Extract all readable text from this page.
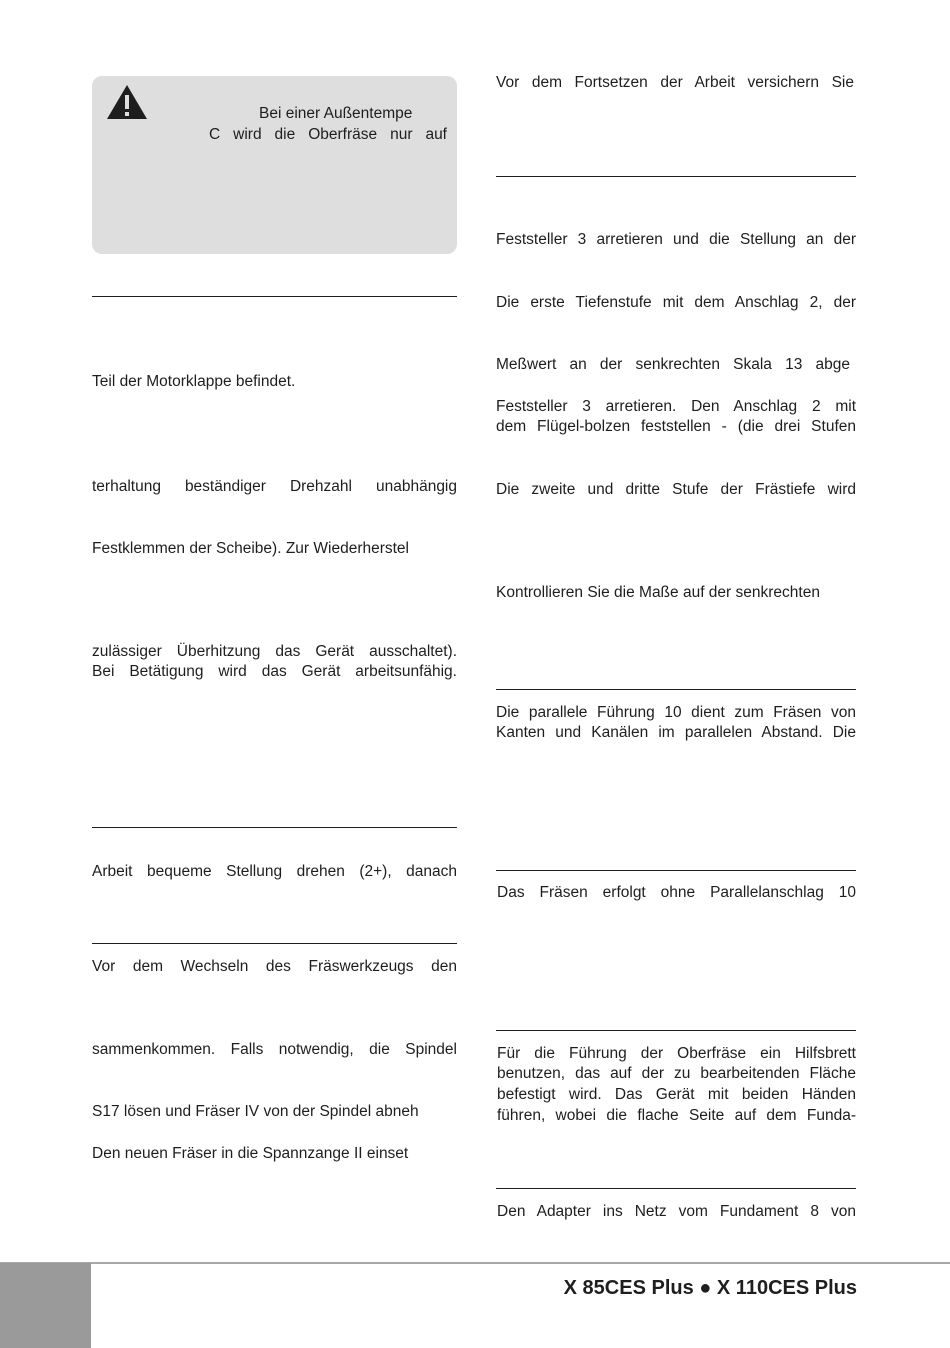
Bei einer Außentempe
C wird die Oberfräse nur auf
Teil der Motorklappe befindet.
terhaltung beständiger Drehzahl unabhängig
Festklemmen der Scheibe). Zur Wiederherstel
zulässiger Überhitzung das Gerät ausschaltet).
Bei Betätigung wird das Gerät arbeitsunfähig.
Arbeit bequeme Stellung drehen (2+), danach
Vor dem Wechseln des Fräswerkzeugs den
sammenkommen. Falls notwendig, die Spindel
S17 lösen und Fräser IV von der Spindel abneh
Den neuen Fräser in die Spannzange II einset
Vor dem Fortsetzen der Arbeit versichern Sie
Feststeller 3 arretieren und die Stellung an der
Die erste Tiefenstufe mit dem Anschlag 2, der
Meßwert an der senkrechten Skala 13 abge
Feststeller 3 arretieren. Den Anschlag 2 mit
dem Flügel-bolzen feststellen - (die drei Stufen
Die zweite und dritte Stufe der Frästiefe wird
Kontrollieren Sie die Maße auf der senkrechten
Die parallele Führung 10 dient zum Fräsen von
Kanten und Kanälen im parallelen Abstand. Die
Das Fräsen erfolgt ohne Parallelanschlag 10
Für die Führung der Oberfräse ein Hilfsbrett
benutzen, das auf der zu bearbeitenden Fläche
befestigt wird. Das Gerät mit beiden Händen
führen, wobei die flache Seite auf dem Funda-
Den Adapter ins Netz vom Fundament 8 von
X 85CES Plus ● X 110CES Plus
